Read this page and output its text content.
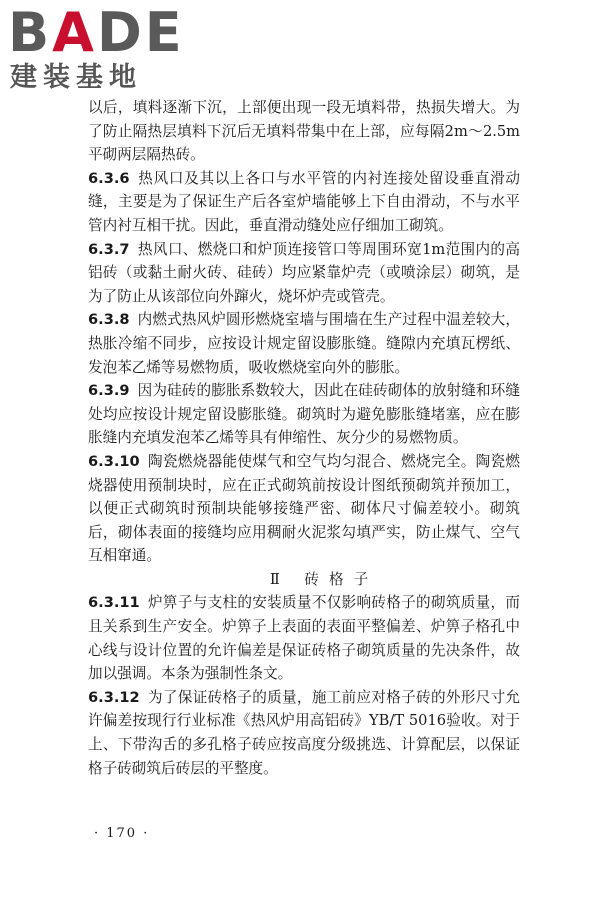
BADE
建装基地

以后，填料逐渐下沉，上部便出现一段无填料带，热损失增大。为了防止隔热层填料下沉后无填料带集中在上部，应每隔2m～2.5m平砌两层隔热砖。

6.3.6 热风口及其以上各口与水平管的内衬连接处留设垂直滑动缝，主要是为了保证生产后各室炉墙能够上下自由滑动，不与水平管内衬互相干扰。因此，垂直滑动缝处应仔细加工砌筑。

6.3.7 热风口、燃烧口和炉顶连接管口等周围环宽1m范围内的高铝砖（或黏土耐火砖、硅砖）均应紧靠炉壳（或喷涂层）砌筑，是为了防止从该部位向外蹿火，烧坏炉壳或管壳。

6.3.8 内燃式热风炉圆形燃烧室墙与围墙在生产过程中温差较大，热胀冷缩不同步，应按设计规定留设膨胀缝。缝隙内充填瓦楞纸、发泡苯乙烯等易燃物质，吸收燃烧室向外的膨胀。

6.3.9 因为硅砖的膨胀系数较大，因此在硅砖砌体的放射缝和环缝处均应按设计规定留设膨胀缝。砌筑时为避免膨胀缝堵塞，应在膨胀缝内充填发泡苯乙烯等具有伸缩性、灰分少的易燃物质。

6.3.10 陶瓷燃烧器能使煤气和空气均匀混合、燃烧完全。陶瓷燃烧器使用预制块时，应在正式砌筑前按设计图纸预砌筑并预加工，以便正式砌筑时预制块能够接缝严密、砌体尺寸偏差较小。砌筑后，砌体表面的接缝均应用稠耐火泥浆勾填严实，防止煤气、空气互相窜通。

Ⅱ 砖格子

6.3.11 炉箅子与支柱的安装质量不仅影响砖格子的砌筑质量，而且关系到生产安全。炉箅子上表面的表面平整偏差、炉箅子格孔中心线与设计位置的允许偏差是保证砖格子砌筑质量的先决条件，故加以强调。本条为强制性条文。

6.3.12 为了保证砖格子的质量，施工前应对格子砖的外形尺寸允许偏差按现行行业标准《热风炉用高铝砖》YB/T 5016验收。对于上、下带沟舌的多孔格子砖应按高度分级挑选、计算配层，以保证格子砖砌筑后砖层的平整度。

· 170 ·
